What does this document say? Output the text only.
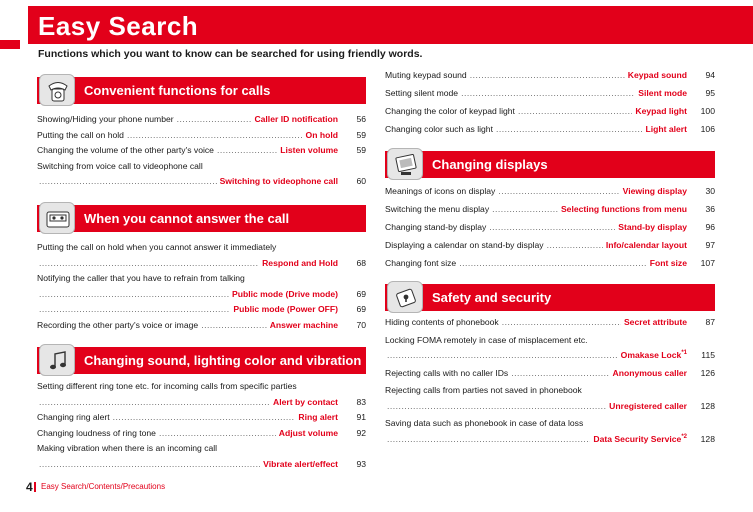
Easy Search
Functions which you want to know can be searched for using friendly words.
Convenient functions for calls
Showing/Hiding your phone number .....	Caller ID notification	56
Putting the call on hold .....	On hold	59
Changing the volume of the other party's voice .....	Listen volume	59
Switching from voice call to videophone call
.....
Switching to videophone call	60
When you cannot answer the call
Putting the call on hold when you cannot answer it immediately
.....
Respond and Hold	68
Notifying the caller that you have to refrain from talking
.....
Public mode (Drive mode)	69
.....
Public mode (Power OFF)	69
Recording the other party's voice or image .....	Answer machine	70
Changing sound, lighting color and vibration
Setting different ring tone etc. for incoming calls from specific parties
.....
Alert by contact	83
Changing ring alert .....	Ring alert	91
Changing loudness of ring tone .....	Adjust volume	92
Making vibration when there is an incoming call
.....
Vibrate alert/effect	93
Muting keypad sound .....	Keypad sound	94
Setting silent mode .....	Silent mode	95
Changing the color of keypad light .....	Keypad light	100
Changing color such as light .....	Light alert	106
Changing displays
Meanings of icons on display .....	Viewing display	30
Switching the menu display .....	Selecting functions from menu	36
Changing stand-by display .....	Stand-by display	96
Displaying a calendar on stand-by display .....	Info/calendar layout	97
Changing font size .....	Font size	107
Safety and security
Hiding contents of phonebook .....	Secret attribute	87
Locking FOMA remotely in case of misplacement etc.
.....
Omakase Lock$^{*1}$	115
Rejecting calls with no caller IDs .....	Anonymous caller	126
Rejecting calls from parties not saved in phonebook
.....
Unregistered caller	128
Saving data such as phonebook in case of data loss
.....
Data Security Service$^{*2}$	128
4 Easy Search/Contents/Precautions
